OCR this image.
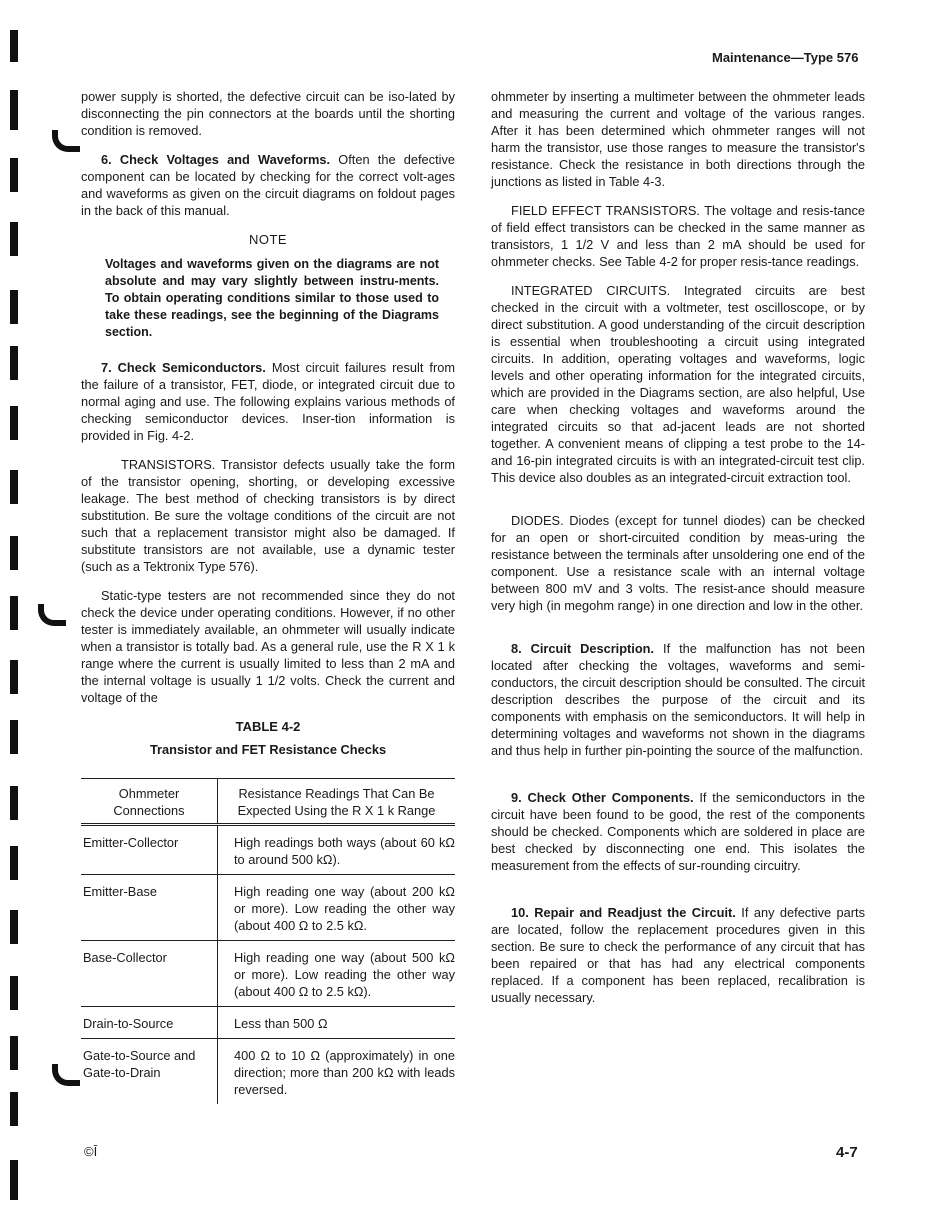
Maintenance—Type 576

power supply is shorted, the defective circuit can be iso-lated by disconnecting the pin connectors at the boards until the shorting condition is removed.

6. Check Voltages and Waveforms. Often the defective component can be located by checking for the correct volt-ages and waveforms as given on the circuit diagrams on foldout pages in the back of this manual.

NOTE
Voltages and waveforms given on the diagrams are not absolute and may vary slightly between instru-ments. To obtain operating conditions similar to those used to take these readings, see the beginning of the Diagrams section.

7. Check Semiconductors. Most circuit failures result from the failure of a transistor, FET, diode, or integrated circuit due to normal aging and use. The following explains various methods of checking semiconductor devices. Inser-tion information is provided in Fig. 4-2.

TRANSISTORS. Transistor defects usually take the form of the transistor opening, shorting, or developing excessive leakage. The best method of checking transistors is by direct substitution. Be sure the voltage conditions of the circuit are not such that a replacement transistor might also be damaged. If substitute transistors are not available, use a dynamic tester (such as a Tektronix Type 576).

Static-type testers are not recommended since they do not check the device under operating conditions. However, if no other tester is immediately available, an ohmmeter will usually indicate when a transistor is totally bad. As a general rule, use the R X 1 k range where the current is usually limited to less than 2 mA and the internal voltage is usually 1 1/2 volts. Check the current and voltage of the

TABLE 4-2
Transistor and FET Resistance Checks
Ohmmeter Connections	Resistance Readings That Can Be Expected Using the R X 1 k Range
Emitter-Collector	High readings both ways (about 60 kΩ to around 500 kΩ).
Emitter-Base	High reading one way (about 200 kΩ or more). Low reading the other way (about 400 Ω to 2.5 kΩ.
Base-Collector	High reading one way (about 500 kΩ or more). Low reading the other way (about 400 Ω to 2.5 kΩ).
Drain-to-Source	Less than 500 Ω
Gate-to-Source and Gate-to-Drain	400 Ω to 10 Ω (approximately) in one direction; more than 200 kΩ with leads reversed.

ohmmeter by inserting a multimeter between the ohmmeter leads and measuring the current and voltage of the various ranges. After it has been determined which ohmmeter ranges will not harm the transistor, use those ranges to measure the transistor's resistance. Check the resistance in both directions through the junctions as listed in Table 4-3.

FIELD EFFECT TRANSISTORS. The voltage and resis-tance of field effect transistors can be checked in the same manner as transistors, 1 1/2 V and less than 2 mA should be used for ohmmeter checks. See Table 4-2 for proper resis-tance readings.

INTEGRATED CIRCUITS. Integrated circuits are best checked in the circuit with a voltmeter, test oscilloscope, or by direct substitution. A good understanding of the circuit description is essential when troubleshooting a circuit using integrated circuits. In addition, operating voltages and waveforms, logic levels and other operating information for the integrated circuits, which are provided in the Diagrams section, are also helpful, Use care when checking voltages and waveforms around the integrated circuits so that ad-jacent leads are not shorted together. A convenient means of clipping a test probe to the 14- and 16-pin integrated circuits is with an integrated-circuit test clip. This device also doubles as an integrated-circuit extraction tool.

DIODES. Diodes (except for tunnel diodes) can be checked for an open or short-circuited condition by meas-uring the resistance between the terminals after unsoldering one end of the component. Use a resistance scale with an internal voltage between 800 mV and 3 volts. The resist-ance should measure very high (in megohm range) in one direction and low in the other.

8. Circuit Description. If the malfunction has not been located after checking the voltages, waveforms and semi-conductors, the circuit description should be consulted. The circuit description describes the purpose of the circuit and its components with emphasis on the semiconductors. It will help in determining voltages and waveforms not shown in the diagrams and thus help in further pin-pointing the source of the malfunction.

9. Check Other Components. If the semiconductors in the circuit have been found to be good, the rest of the components should be checked. Components which are soldered in place are best checked by disconnecting one end. This isolates the measurement from the effects of sur-rounding circuitry.

10. Repair and Readjust the Circuit. If any defective parts are located, follow the replacement procedures given in this section. Be sure to check the performance of any circuit that has been repaired or that has had any electrical components replaced. If a component has been replaced, recalibration is usually necessary.

©Ī	4-7
